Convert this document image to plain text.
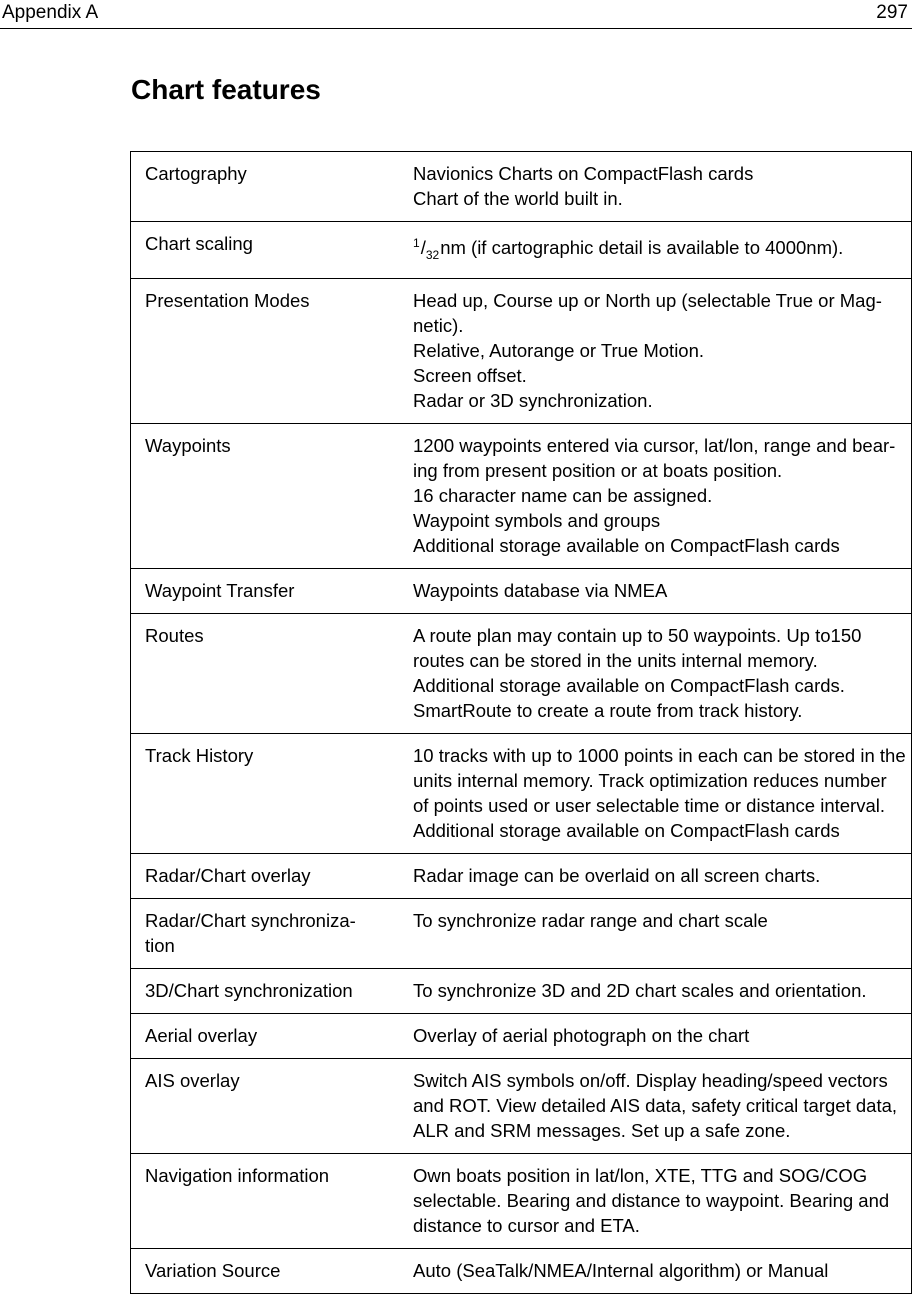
Appendix A	297
Chart features
Cartography	Navionics Charts on CompactFlash cards
Chart of the world built in.

Chart scaling	$^1/_{32}nm$ (if cartographic detail is available to 4000nm).

Presentation Modes	Head up, Course up or North up (selectable True or Mag-
netic).
Relative, Autorange or True Motion.
Screen offset.
Radar or 3D synchronization.

Waypoints	1200 waypoints entered via cursor, lat/lon, range and bear-
ing from present position or at boats position.
16 character name can be assigned.
Waypoint symbols and groups
Additional storage available on CompactFlash cards

Waypoint Transfer	Waypoints database via NMEA

Routes	A route plan may contain up to 50 waypoints. Up to150
routes can be stored in the units internal memory.
Additional storage available on CompactFlash cards.
SmartRoute to create a route from track history.

Track History	10 tracks with up to 1000 points in each can be stored in the
units internal memory. Track optimization reduces number
of points used or user selectable time or distance interval.
Additional storage available on CompactFlash cards

Radar/Chart overlay	Radar image can be overlaid on all screen charts.

Radar/Chart synchroniza-
tion	To synchronize radar range and chart scale

3D/Chart synchronization	To synchronize 3D and 2D chart scales and orientation.

Aerial overlay	Overlay of aerial photograph on the chart

AIS overlay	Switch AIS symbols on/off. Display heading/speed vectors
and ROT. View detailed AIS data, safety critical target data,
ALR and SRM messages. Set up a safe zone.

Navigation information	Own boats position in lat/lon, XTE, TTG and SOG/COG
selectable. Bearing and distance to waypoint. Bearing and
distance to cursor and ETA.

Variation Source	Auto (SeaTalk/NMEA/Internal algorithm) or Manual
